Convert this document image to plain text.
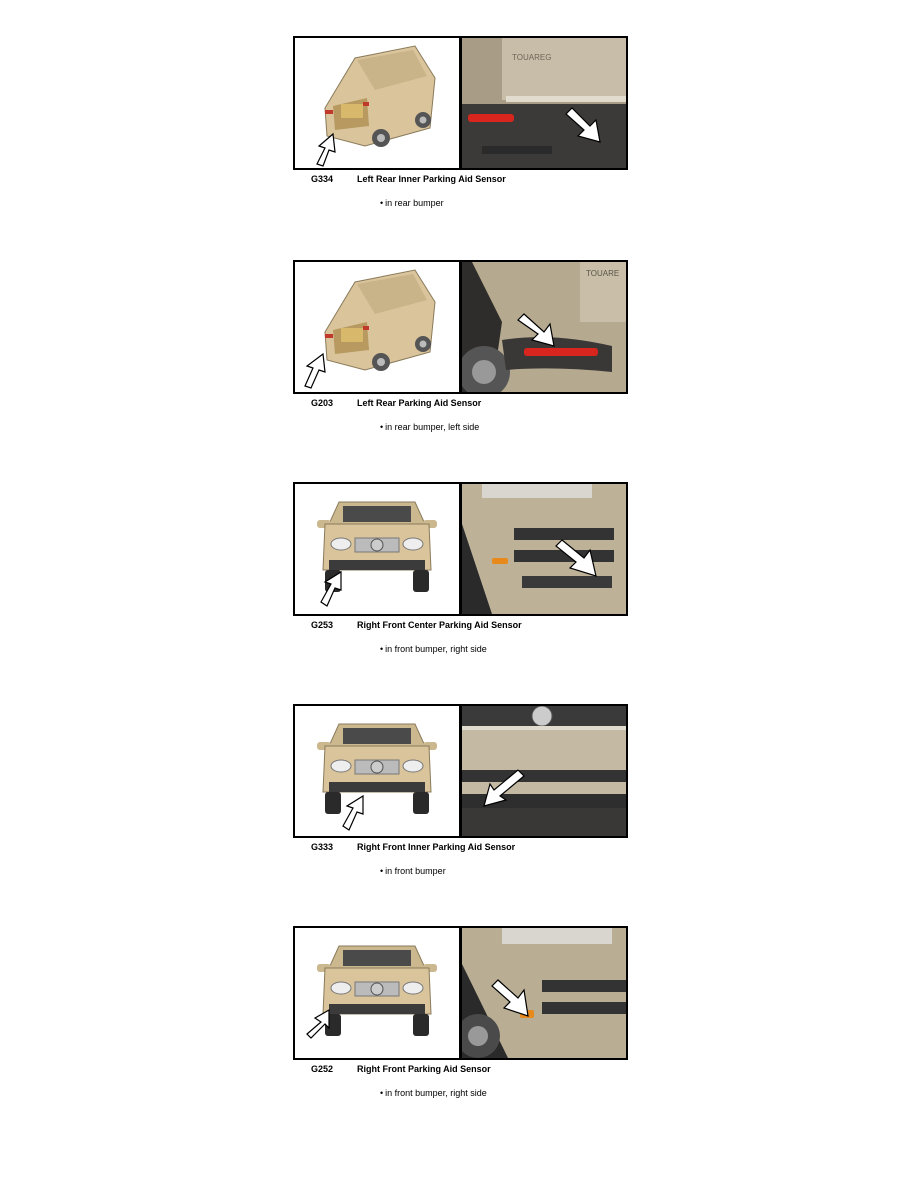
TOUAREG
G334	Left Rear Inner Parking Aid Sensor
• in rear bumper
TOUARE
G203	Left Rear Parking Aid Sensor
• in rear bumper, left side
G253	Right Front Center Parking Aid Sensor
• in front bumper, right side
G333	Right Front Inner Parking Aid Sensor
• in front bumper
G252	Right Front Parking Aid Sensor
• in front bumper, right side
